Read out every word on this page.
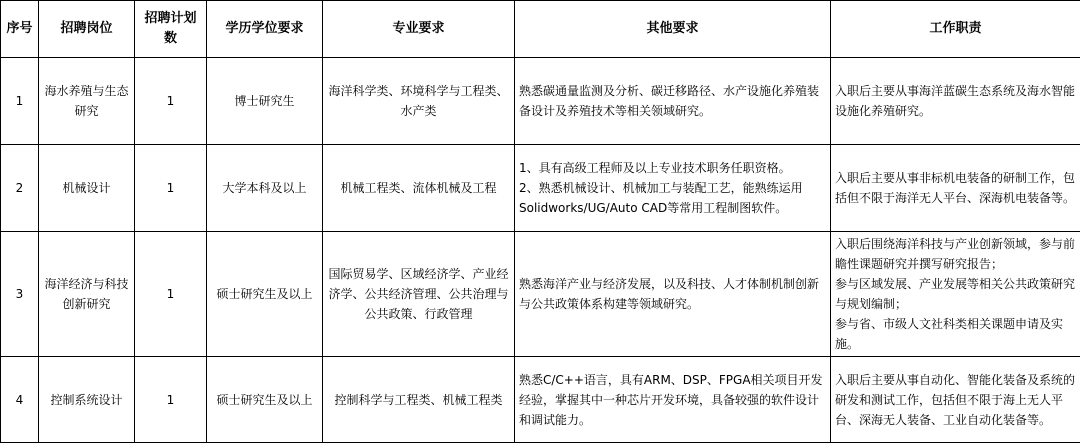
序号	招聘岗位	招聘计划数	学历学位要求	专业要求	其他要求	工作职责
1	海水养殖与生态研究	1	博士研究生	海洋科学类、环境科学与工程类、水产类	熟悉碳通量监测及分析、碳迁移路径、水产设施化养殖装备设计及养殖技术等相关领域研究。	入职后主要从事海洋蓝碳生态系统及海水智能设施化养殖研究。

2	机械设计	1	大学本科及以上	机械工程类、流体机械及工程	1、具有高级工程师及以上专业技术职务任职资格。
2、熟悉机械设计、机械加工与装配工艺，能熟练运用Solidworks/UG/Auto CAD等常用工程制图软件。	入职后主要从事非标机电装备的研制工作，包括但不限于海洋无人平台、深海机电装备等。

3	海洋经济与科技创新研究	1	硕士研究生及以上	国际贸易学、区域经济学、产业经济学、公共经济管理、公共治理与公共政策、行政管理	熟悉海洋产业与经济发展，以及科技、人才体制机制创新与公共政策体系构建等领域研究。	入职后围绕海洋科技与产业创新领域，参与前瞻性课题研究并撰写研究报告；
参与区域发展、产业发展等相关公共政策研究与规划编制；
参与省、市级人文社科类相关课题申请及实施。

4	控制系统设计	1	硕士研究生及以上	控制科学与工程类、机械工程类	熟悉C/C++语言，具有ARM、DSP、FPGA相关项目开发经验，掌握其中一种芯片开发环境，具备较强的软件设计和调试能力。	入职后主要从事自动化、智能化装备及系统的研发和测试工作，包括但不限于海上无人平台、深海无人装备、工业自动化装备等。
